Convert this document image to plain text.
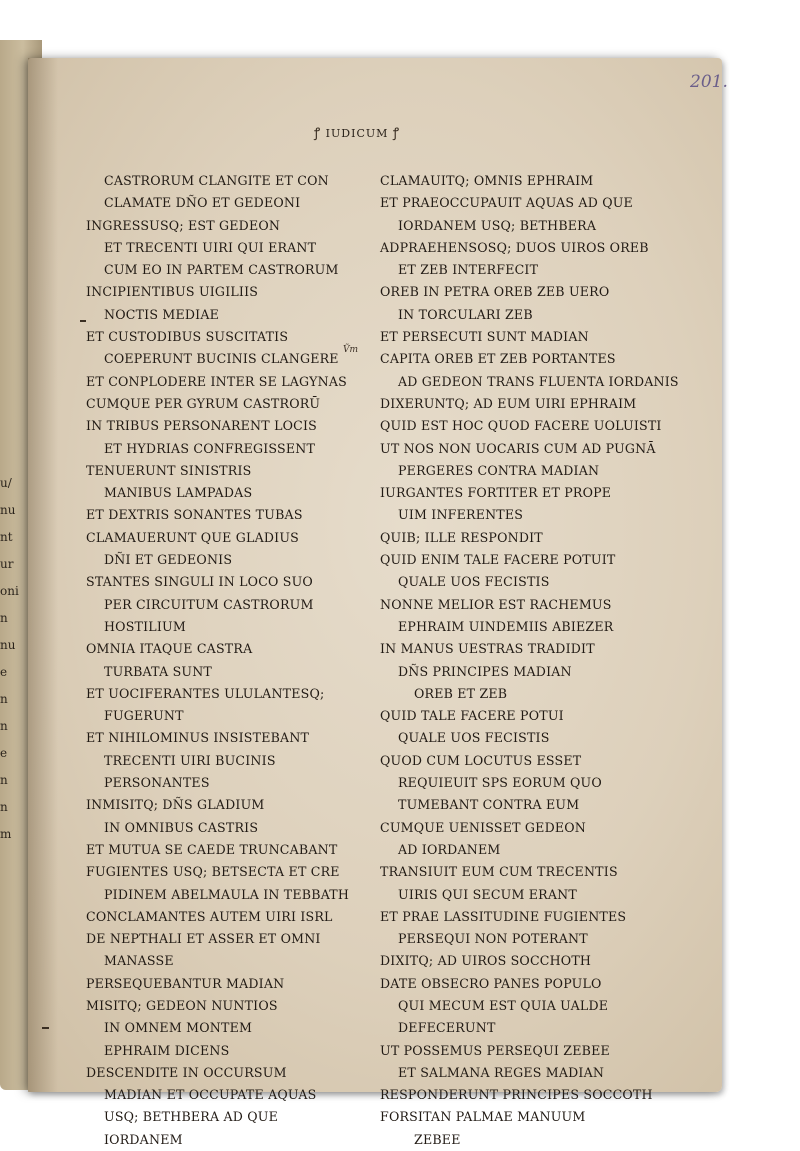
u/
nu
nt
ur
oni
n
nu
e
n
n
e
n
n
m
201.
ꝭ IUDICUM ꝭ
Ṽm
CASTRORUM CLANGITE ET CON
CLAMATE DÑO ET GEDEONI
INGRESSUSQ; EST GEDEON
ET TRECENTI UIRI QUI ERANT
CUM EO IN PARTEM CASTRORUM
INCIPIENTIBUS UIGILIIS
NOCTIS MEDIAE
ET CUSTODIBUS SUSCITATIS
COEPERUNT BUCINIS CLANGERE
ET CONPLODERE INTER SE LAGYNAS
CUMQUE PER GYRUM CASTRORŪ
IN TRIBUS PERSONARENT LOCIS
ET HYDRIAS CONFREGISSENT
TENUERUNT SINISTRIS
MANIBUS LAMPADAS
ET DEXTRIS SONANTES TUBAS
CLAMAUERUNT QUE GLADIUS
DÑI ET GEDEONIS
STANTES SINGULI IN LOCO SUO
PER CIRCUITUM CASTRORUM
HOSTILIUM
OMNIA ITAQUE CASTRA
TURBATA SUNT
ET UOCIFERANTES ULULANTESQ;
FUGERUNT
ET NIHILOMINUS INSISTEBANT
TRECENTI UIRI BUCINIS
PERSONANTES
INMISITQ; DÑS GLADIUM
IN OMNIBUS CASTRIS
ET MUTUA SE CAEDE TRUNCABANT
FUGIENTES USQ; BETSECTA ET CRE
PIDINEM ABELMAULA IN TEBBATH
CONCLAMANTES AUTEM UIRI ISRL
DE NEPTHALI ET ASSER ET OMNI
MANASSE
PERSEQUEBANTUR MADIAN
MISITQ; GEDEON NUNTIOS
IN OMNEM MONTEM
EPHRAIM DICENS
DESCENDITE IN OCCURSUM
MADIAN ET OCCUPATE AQUAS
USQ; BETHBERA AD QUE
IORDANEM
CLAMAUITQ; OMNIS EPHRAIM
ET PRAEOCCUPAUIT AQUAS AD QUE
IORDANEM USQ; BETHBERA
ADPRAEHENSOSQ; DUOS UIROS OREB
ET ZEB INTERFECIT
OREB IN PETRA OREB ZEB UERO
IN TORCULARI ZEB
ET PERSECUTI SUNT MADIAN
CAPITA OREB ET ZEB PORTANTES
AD GEDEON TRANS FLUENTA IORDANIS
DIXERUNTQ; AD EUM UIRI EPHRAIM
QUID EST HOC QUOD FACERE UOLUISTI
UT NOS NON UOCARIS CUM AD PUGNĀ
PERGERES CONTRA MADIAN
IURGANTES FORTITER ET PROPE
UIM INFERENTES
QUIB; ILLE RESPONDIT
QUID ENIM TALE FACERE POTUIT
QUALE UOS FECISTIS
NONNE MELIOR EST RACHEMUS
EPHRAIM UINDEMIIS ABIEZER
IN MANUS UESTRAS TRADIDIT
DÑS PRINCIPES MADIAN
OREB ET ZEB
QUID TALE FACERE POTUI
QUALE UOS FECISTIS
QUOD CUM LOCUTUS ESSET
REQUIEUIT SPS EORUM QUO
TUMEBANT CONTRA EUM
CUMQUE UENISSET GEDEON
AD IORDANEM
TRANSIUIT EUM CUM TRECENTIS
UIRIS QUI SECUM ERANT
ET PRAE LASSITUDINE FUGIENTES
PERSEQUI NON POTERANT
DIXITQ; AD UIROS SOCCHOTH
DATE OBSECRO PANES POPULO
QUI MECUM EST QUIA UALDE
DEFECERUNT
UT POSSEMUS PERSEQUI ZEBEE
ET SALMANA REGES MADIAN
RESPONDERUNT PRINCIPES SOCCOTH
FORSITAN PALMAE MANUUM
ZEBEE
